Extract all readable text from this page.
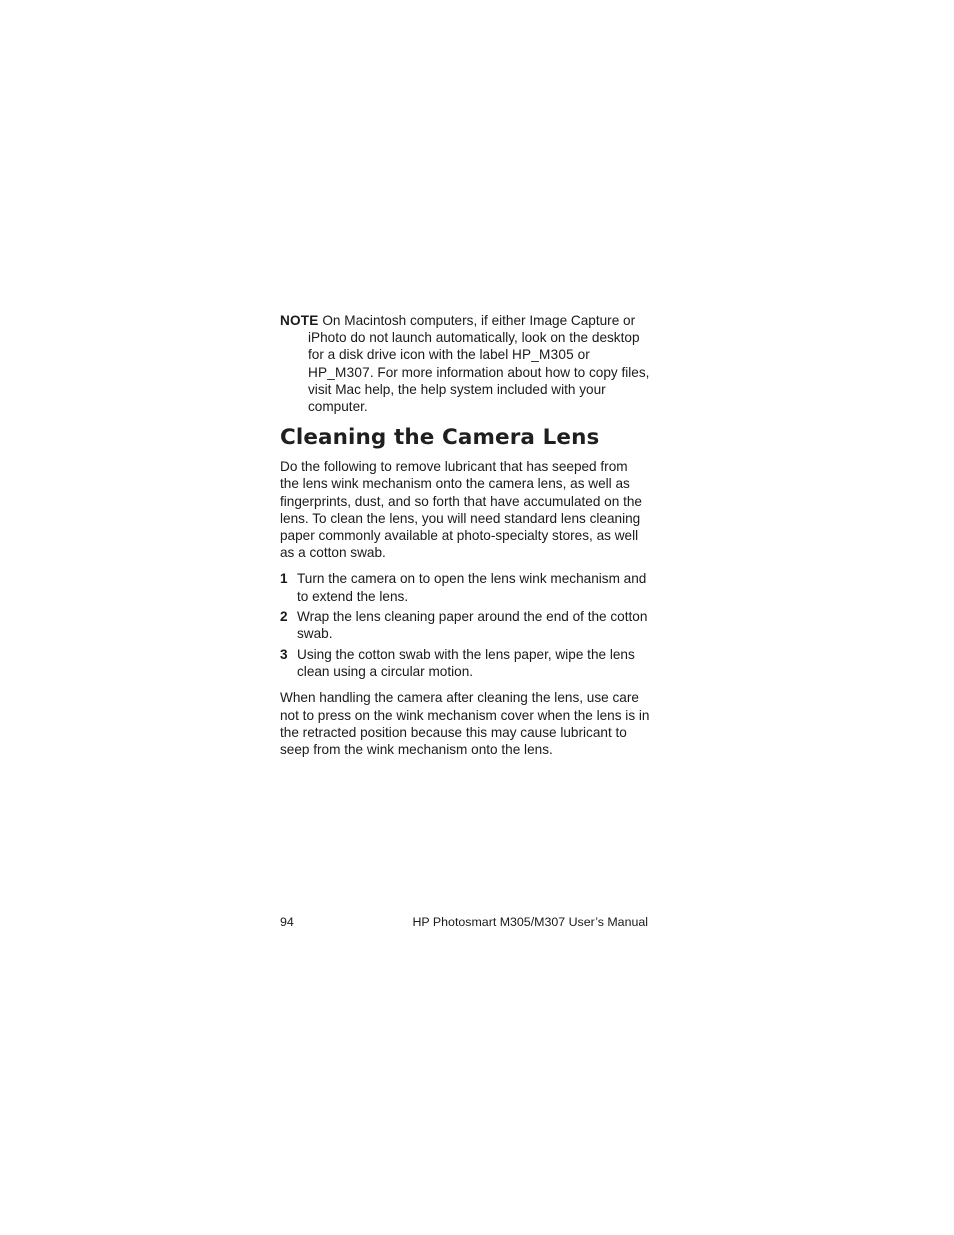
NOTE On Macintosh computers, if either Image Capture or iPhoto do not launch automatically, look on the desktop for a disk drive icon with the label HP_M305 or HP_M307. For more information about how to copy files, visit Mac help, the help system included with your computer.

Cleaning the Camera Lens

Do the following to remove lubricant that has seeped from the lens wink mechanism onto the camera lens, as well as fingerprints, dust, and so forth that have accumulated on the lens. To clean the lens, you will need standard lens cleaning paper commonly available at photo-specialty stores, as well as a cotton swab.

1 Turn the camera on to open the lens wink mechanism and to extend the lens.
2 Wrap the lens cleaning paper around the end of the cotton swab.
3 Using the cotton swab with the lens paper, wipe the lens clean using a circular motion.

When handling the camera after cleaning the lens, use care not to press on the wink mechanism cover when the lens is in the retracted position because this may cause lubricant to seep from the wink mechanism onto the lens.

94	HP Photosmart M305/M307 User’s Manual
